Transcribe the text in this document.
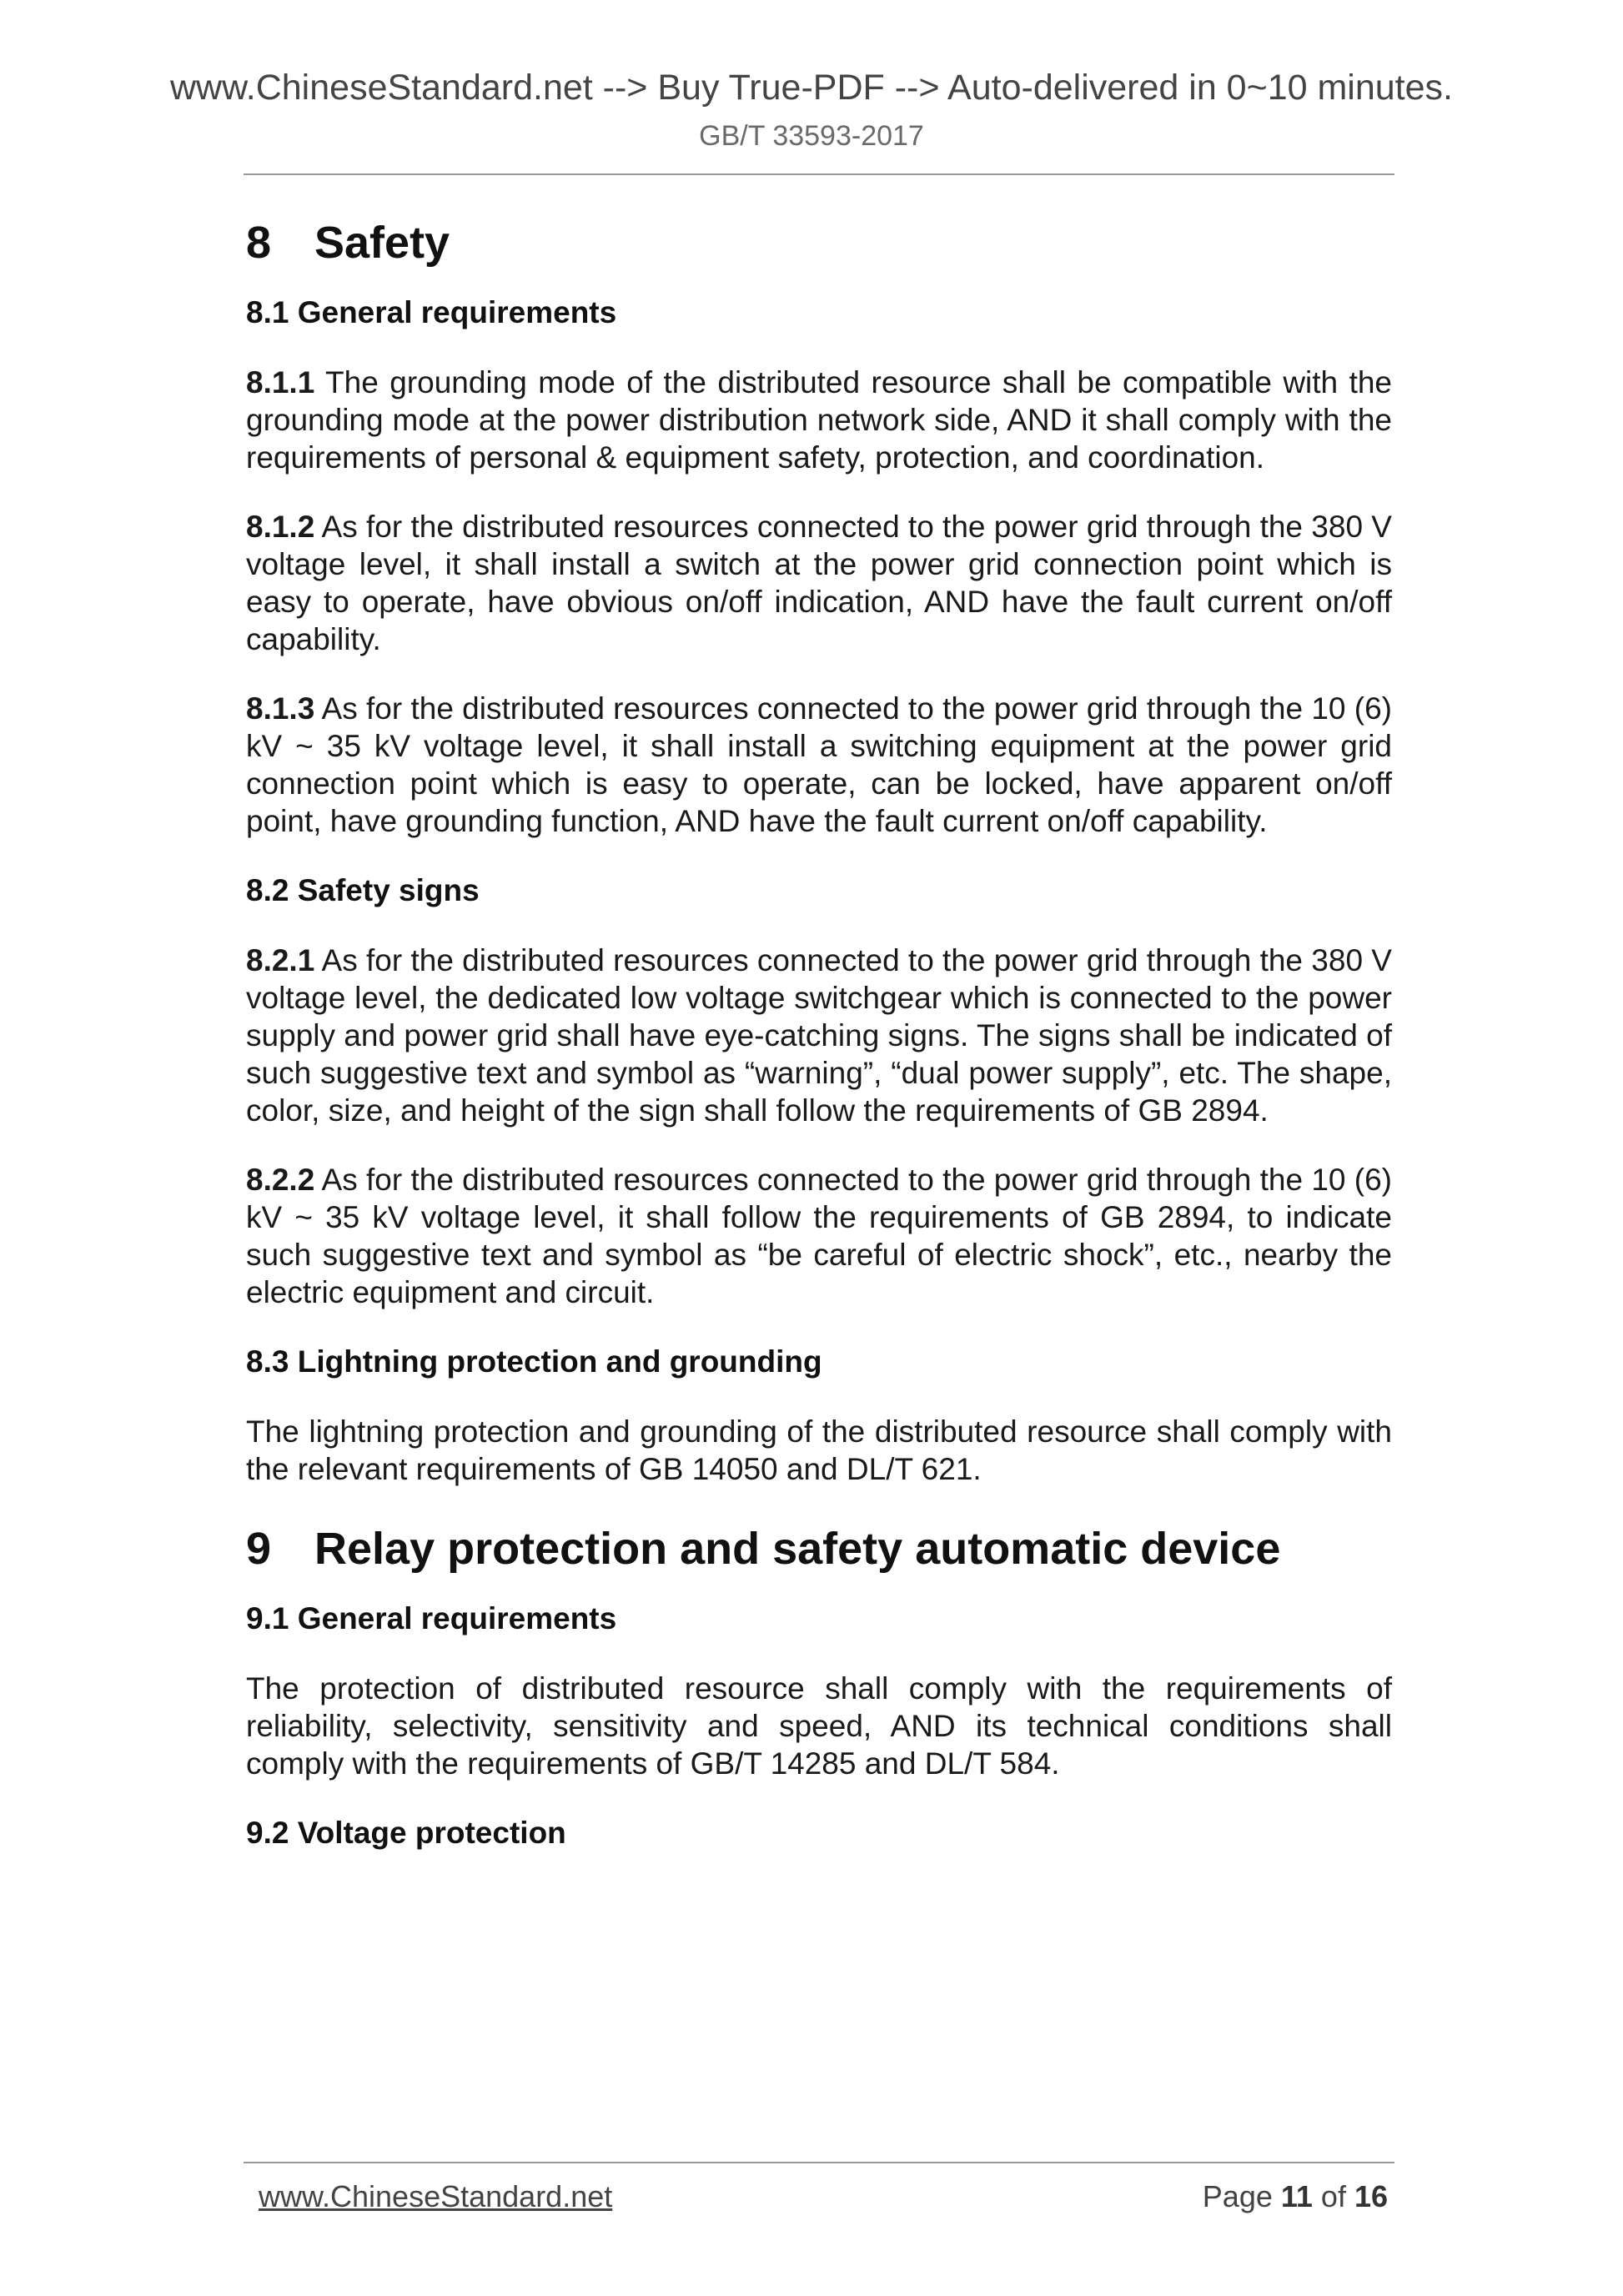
www.ChineseStandard.net --> Buy True-PDF --> Auto-delivered in 0~10 minutes.
GB/T 33593-2017
8 Safety
8.1 General requirements

8.1.1 The grounding mode of the distributed resource shall be compatible with the grounding mode at the power distribution network side, AND it shall comply with the requirements of personal & equipment safety, protection, and coordination.

8.1.2 As for the distributed resources connected to the power grid through the 380 V voltage level, it shall install a switch at the power grid connection point which is easy to operate, have obvious on/off indication, AND have the fault current on/off capability.

8.1.3 As for the distributed resources connected to the power grid through the 10 (6) kV ~ 35 kV voltage level, it shall install a switching equipment at the power grid connection point which is easy to operate, can be locked, have apparent on/off point, have grounding function, AND have the fault current on/off capability.

8.2 Safety signs

8.2.1 As for the distributed resources connected to the power grid through the 380 V voltage level, the dedicated low voltage switchgear which is connected to the power supply and power grid shall have eye-catching signs. The signs shall be indicated of such suggestive text and symbol as “warning”, “dual power supply”, etc. The shape, color, size, and height of the sign shall follow the requirements of GB 2894.

8.2.2 As for the distributed resources connected to the power grid through the 10 (6) kV ~ 35 kV voltage level, it shall follow the requirements of GB 2894, to indicate such suggestive text and symbol as “be careful of electric shock”, etc., nearby the electric equipment and circuit.

8.3 Lightning protection and grounding

The lightning protection and grounding of the distributed resource shall comply with the relevant requirements of GB 14050 and DL/T 621.

9 Relay protection and safety automatic device
9.1 General requirements

The protection of distributed resource shall comply with the requirements of reliability, selectivity, sensitivity and speed, AND its technical conditions shall comply with the requirements of GB/T 14285 and DL/T 584.

9.2 Voltage protection
www.ChineseStandard.net	Page 11 of 16
